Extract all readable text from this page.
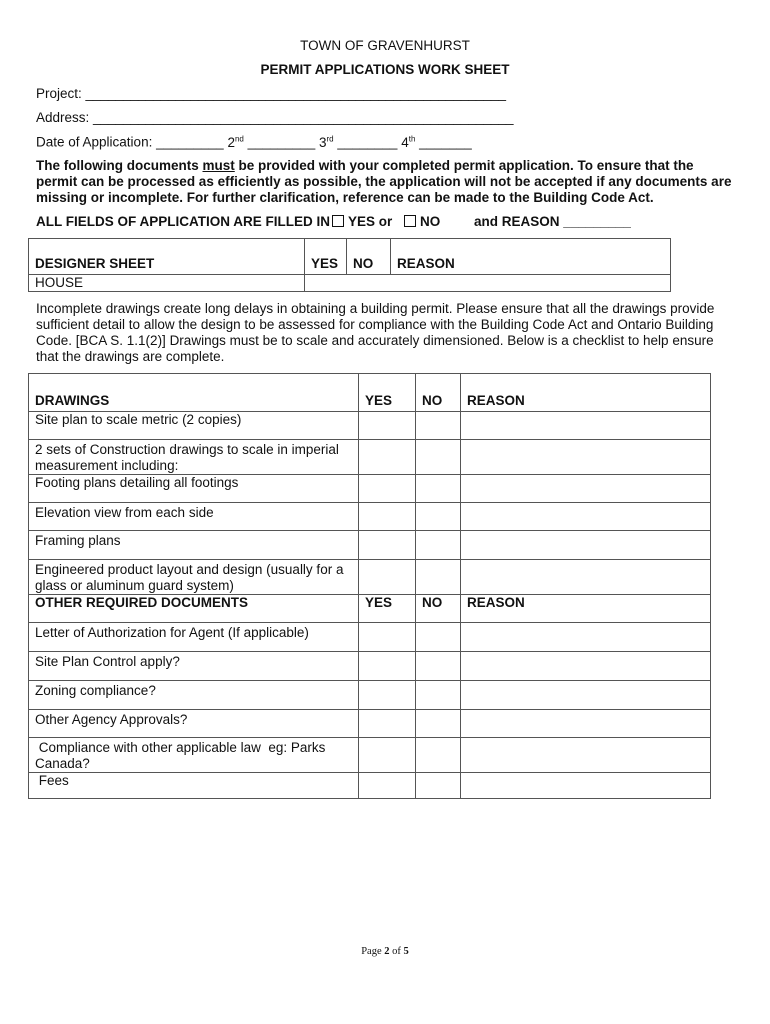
TOWN OF GRAVENHURST
PERMIT APPLICATIONS WORK SHEET
Project: ________________________________________________________
Address: ________________________________________________________
Date of Application: _________ 2nd _________ 3rd ________ 4th _______
The following documents must be provided with your completed permit application. To ensure that the permit can be processed as efficiently as possible, the application will not be accepted if any documents are missing or incomplete. For further clarification, reference can be made to the Building Code Act.
ALL FIELDS OF APPLICATION ARE FILLED IN YES or NO	and REASON _________
DESIGNER SHEET	YES	NO	REASON
HOUSE			
Incomplete drawings create long delays in obtaining a building permit. Please ensure that all the drawings provide sufficient detail to allow the design to be assessed for compliance with the Building Code Act and Ontario Building Code. [BCA S. 1.1(2)] Drawings must be to scale and accurately dimensioned. Below is a checklist to help ensure that the drawings are complete.
DRAWINGS	YES	NO	REASON
Site plan to scale metric (2 copies)			
2 sets of Construction drawings to scale in imperial measurement including:			
Footing plans detailing all footings			
Elevation view from each side			
Framing plans			
Engineered product layout and design (usually for a glass or aluminum guard system)			
OTHER REQUIRED DOCUMENTS	YES	NO	REASON
Letter of Authorization for Agent (If applicable)			
Site Plan Control apply?			
Zoning compliance?			
Other Agency Approvals?			
Compliance with other applicable law  eg: Parks Canada?			
Fees			
Page 2 of 5
